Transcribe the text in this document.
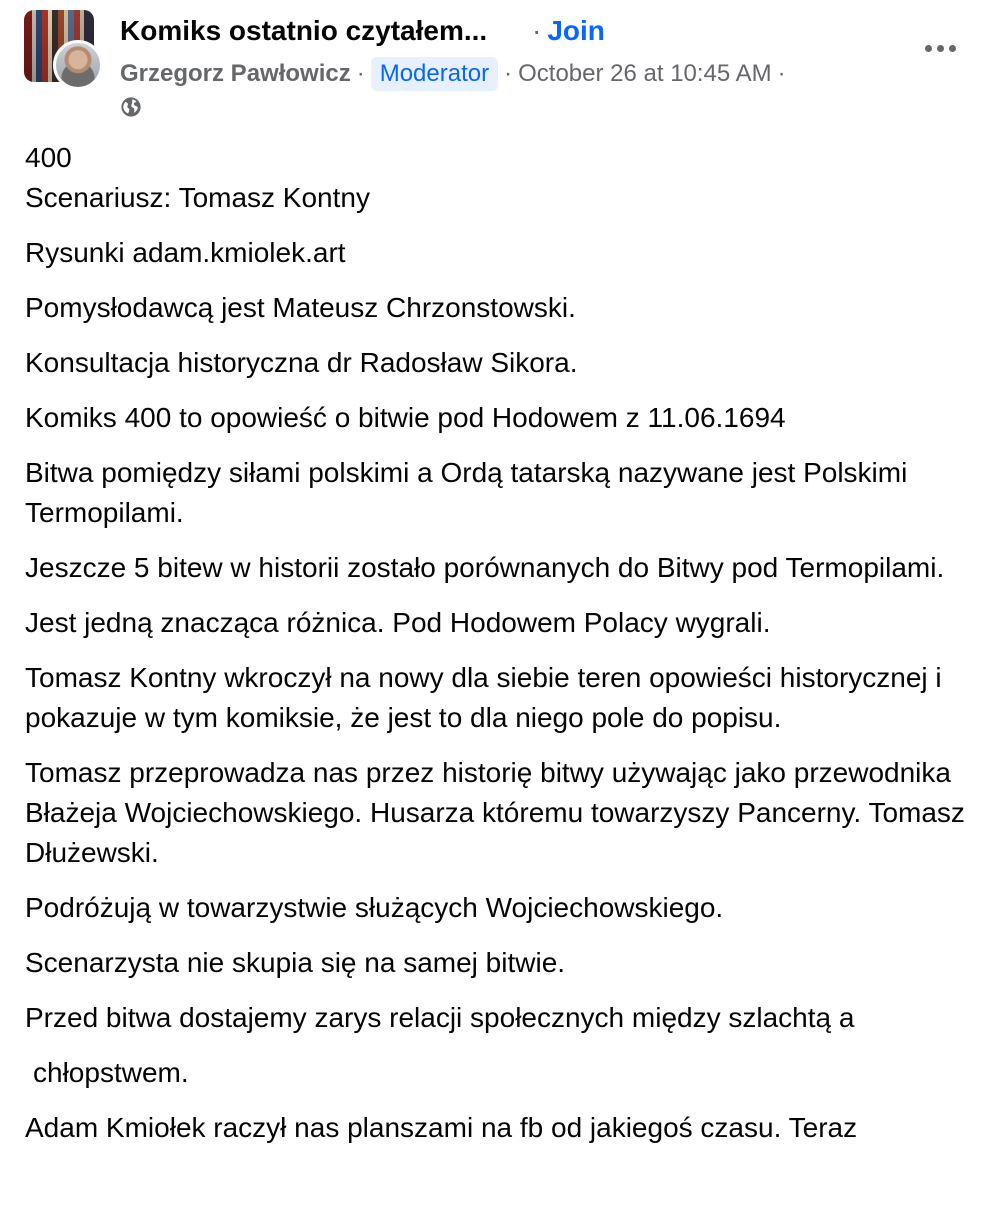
Komiks ostatnio czytałem... · Join
Grzegorz Pawłowicz · Moderator · October 26 at 10:45 AM ·

400

Scenariusz: Tomasz Kontny

Rysunki adam.kmiolek.art

Pomysłodawcą jest Mateusz Chrzonstowski.

Konsultacja historyczna dr Radosław Sikora.

Komiks 400 to opowieść o bitwie pod Hodowem z 11.06.1694

Bitwa pomiędzy siłami polskimi a Ordą tatarską nazywane jest Polskimi Termopilami.

Jeszcze 5 bitew w historii zostało porównanych do Bitwy pod Termopilami.

Jest jedną znacząca różnica. Pod Hodowem Polacy wygrali.

Tomasz Kontny wkroczył na nowy dla siebie teren opowieści historycznej i pokazuje w tym komiksie, że jest to dla niego pole do popisu.

Tomasz przeprowadza nas przez historię bitwy używając jako przewodnika Błażeja Wojciechowskiego. Husarza któremu towarzyszy Pancerny. Tomasz Dłużewski.

Podróżują w towarzystwie służących Wojciechowskiego.

Scenarzysta nie skupia się na samej bitwie.

Przed bitwa dostajemy zarys relacji społecznych między szlachtą a

chłopstwem.

Adam Kmiołek raczył nas planszami na fb od jakiegoś czasu. Teraz
